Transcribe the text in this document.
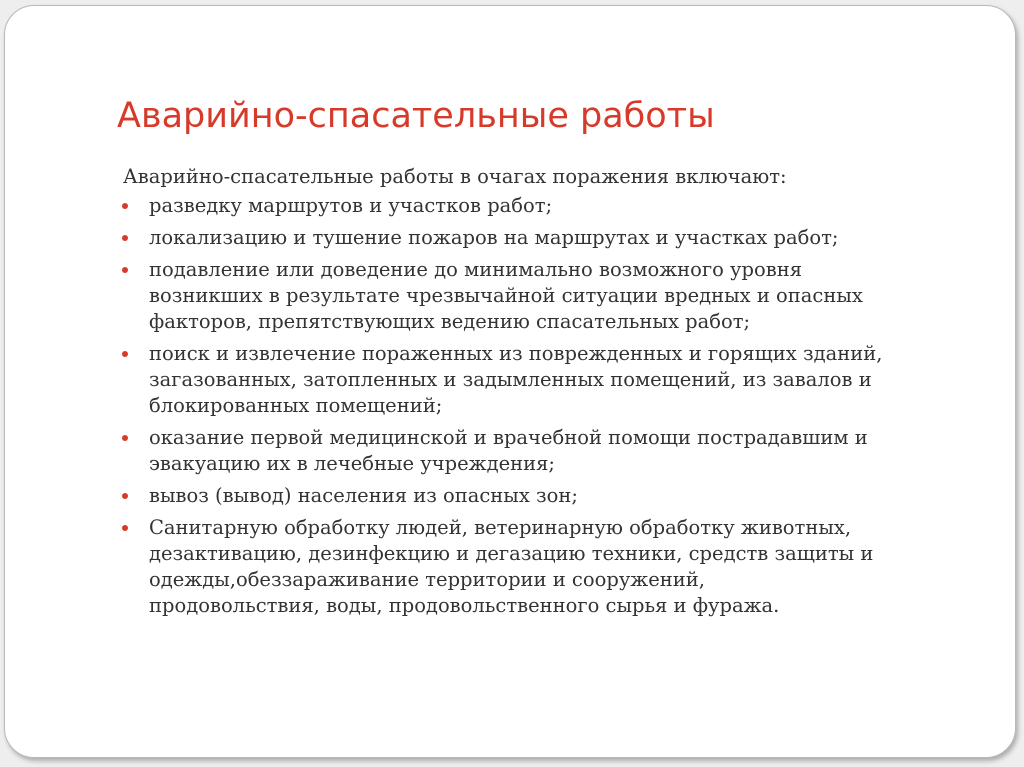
Аварийно-спасательные работы

Аварийно-спасательные работы в очагах поражения включают:

разведку маршрутов и участков работ;
локализацию и тушение пожаров на маршрутах и участках работ;
подавление или доведение до минимально возможного уровня
возникших в результате чрезвычайной ситуации вредных и опасных
факторов, препятствующих ведению спасательных работ;
поиск и извлечение пораженных из поврежденных и горящих зданий,
загазованных, затопленных и задымленных помещений, из завалов и
блокированных помещений;
оказание первой медицинской и врачебной помощи пострадавшим и
эвакуацию их в лечебные учреждения;
вывоз (вывод) населения из опасных зон;
Санитарную обработку людей, ветеринарную обработку животных,
дезактивацию, дезинфекцию и дегазацию техники, средств защиты и
одежды,обеззараживание территории и сооружений,
продовольствия, воды, продовольственного сырья и фуража.
